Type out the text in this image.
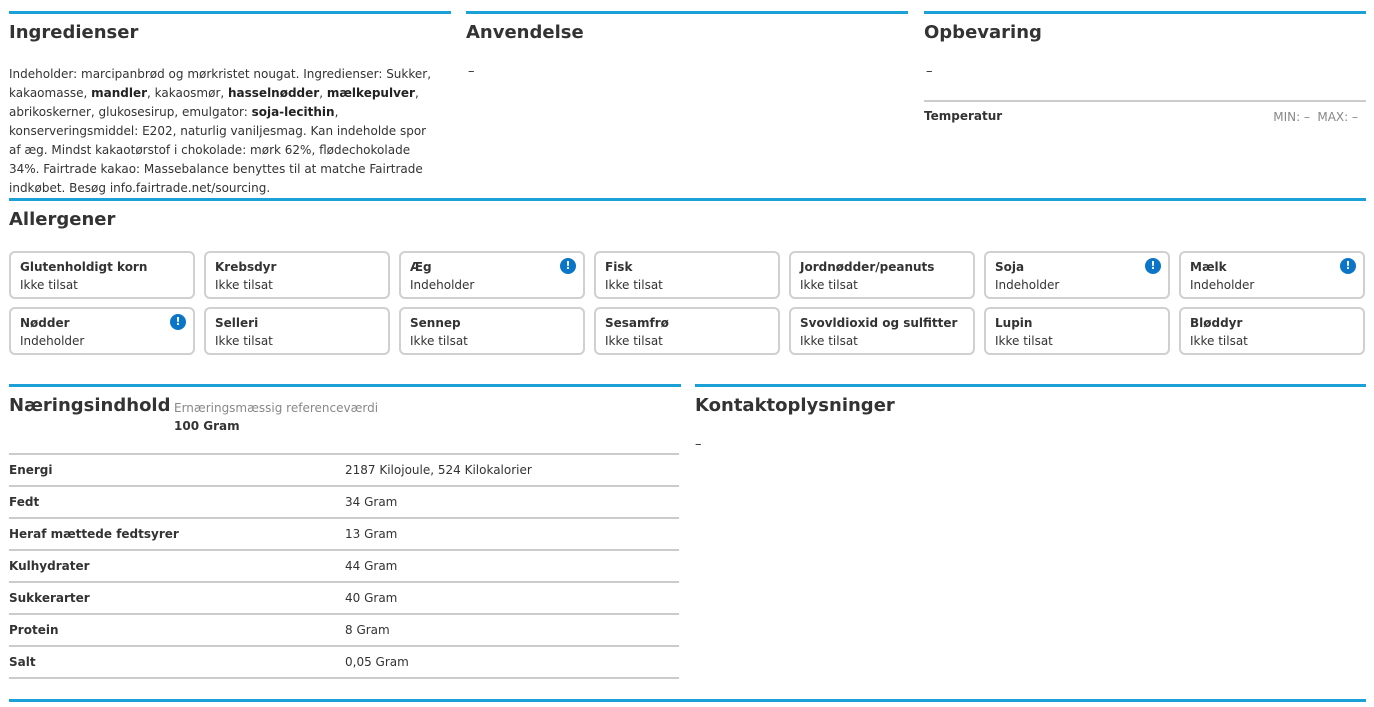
Ingredienser
Indeholder: marcipanbrød og mørkristet nougat. Ingredienser: Sukker, kakaomasse, mandler, kakaosmør, hasselnødder, mælkepulver, abrikoskerner, glukosesirup, emulgator: soja-lecithin, konserveringsmiddel: E202, naturlig vaniljesmag. Kan indeholde spor af æg. Mindst kakaotørstof i chokolade: mørk 62%, flødechokolade 34%. Fairtrade kakao: Massebalance benyttes til at matche Fairtrade indkøbet. Besøg info.fairtrade.net/sourcing.
Anvendelse
–
Opbevaring
–
Temperatur	MIN: – MAX: –
Allergener
Glutenholdigt korn
Ikke tilsat
Krebsdyr
Ikke tilsat
Æg
Indeholder
!	Fisk
Ikke tilsat
Jordnødder/peanuts
Ikke tilsat
Soja
Indeholder
!	Mælk
Indeholder
!
Nødder
Indeholder
!	Selleri
Ikke tilsat
Sennep
Ikke tilsat
Sesamfrø
Ikke tilsat
Svovldioxid og sulfitter
Ikke tilsat
Lupin
Ikke tilsat
Bløddyr
Ikke tilsat
Næringsindhold Ernæringsmæssig referenceværdi
100 Gram
Energi	2187 Kilojoule, 524 Kilokalorier
Fedt	34 Gram
Heraf mættede fedtsyrer	13 Gram
Kulhydrater	44 Gram
Sukkerarter	40 Gram
Protein	8 Gram
Salt	0,05 Gram
Kontaktoplysninger
–
